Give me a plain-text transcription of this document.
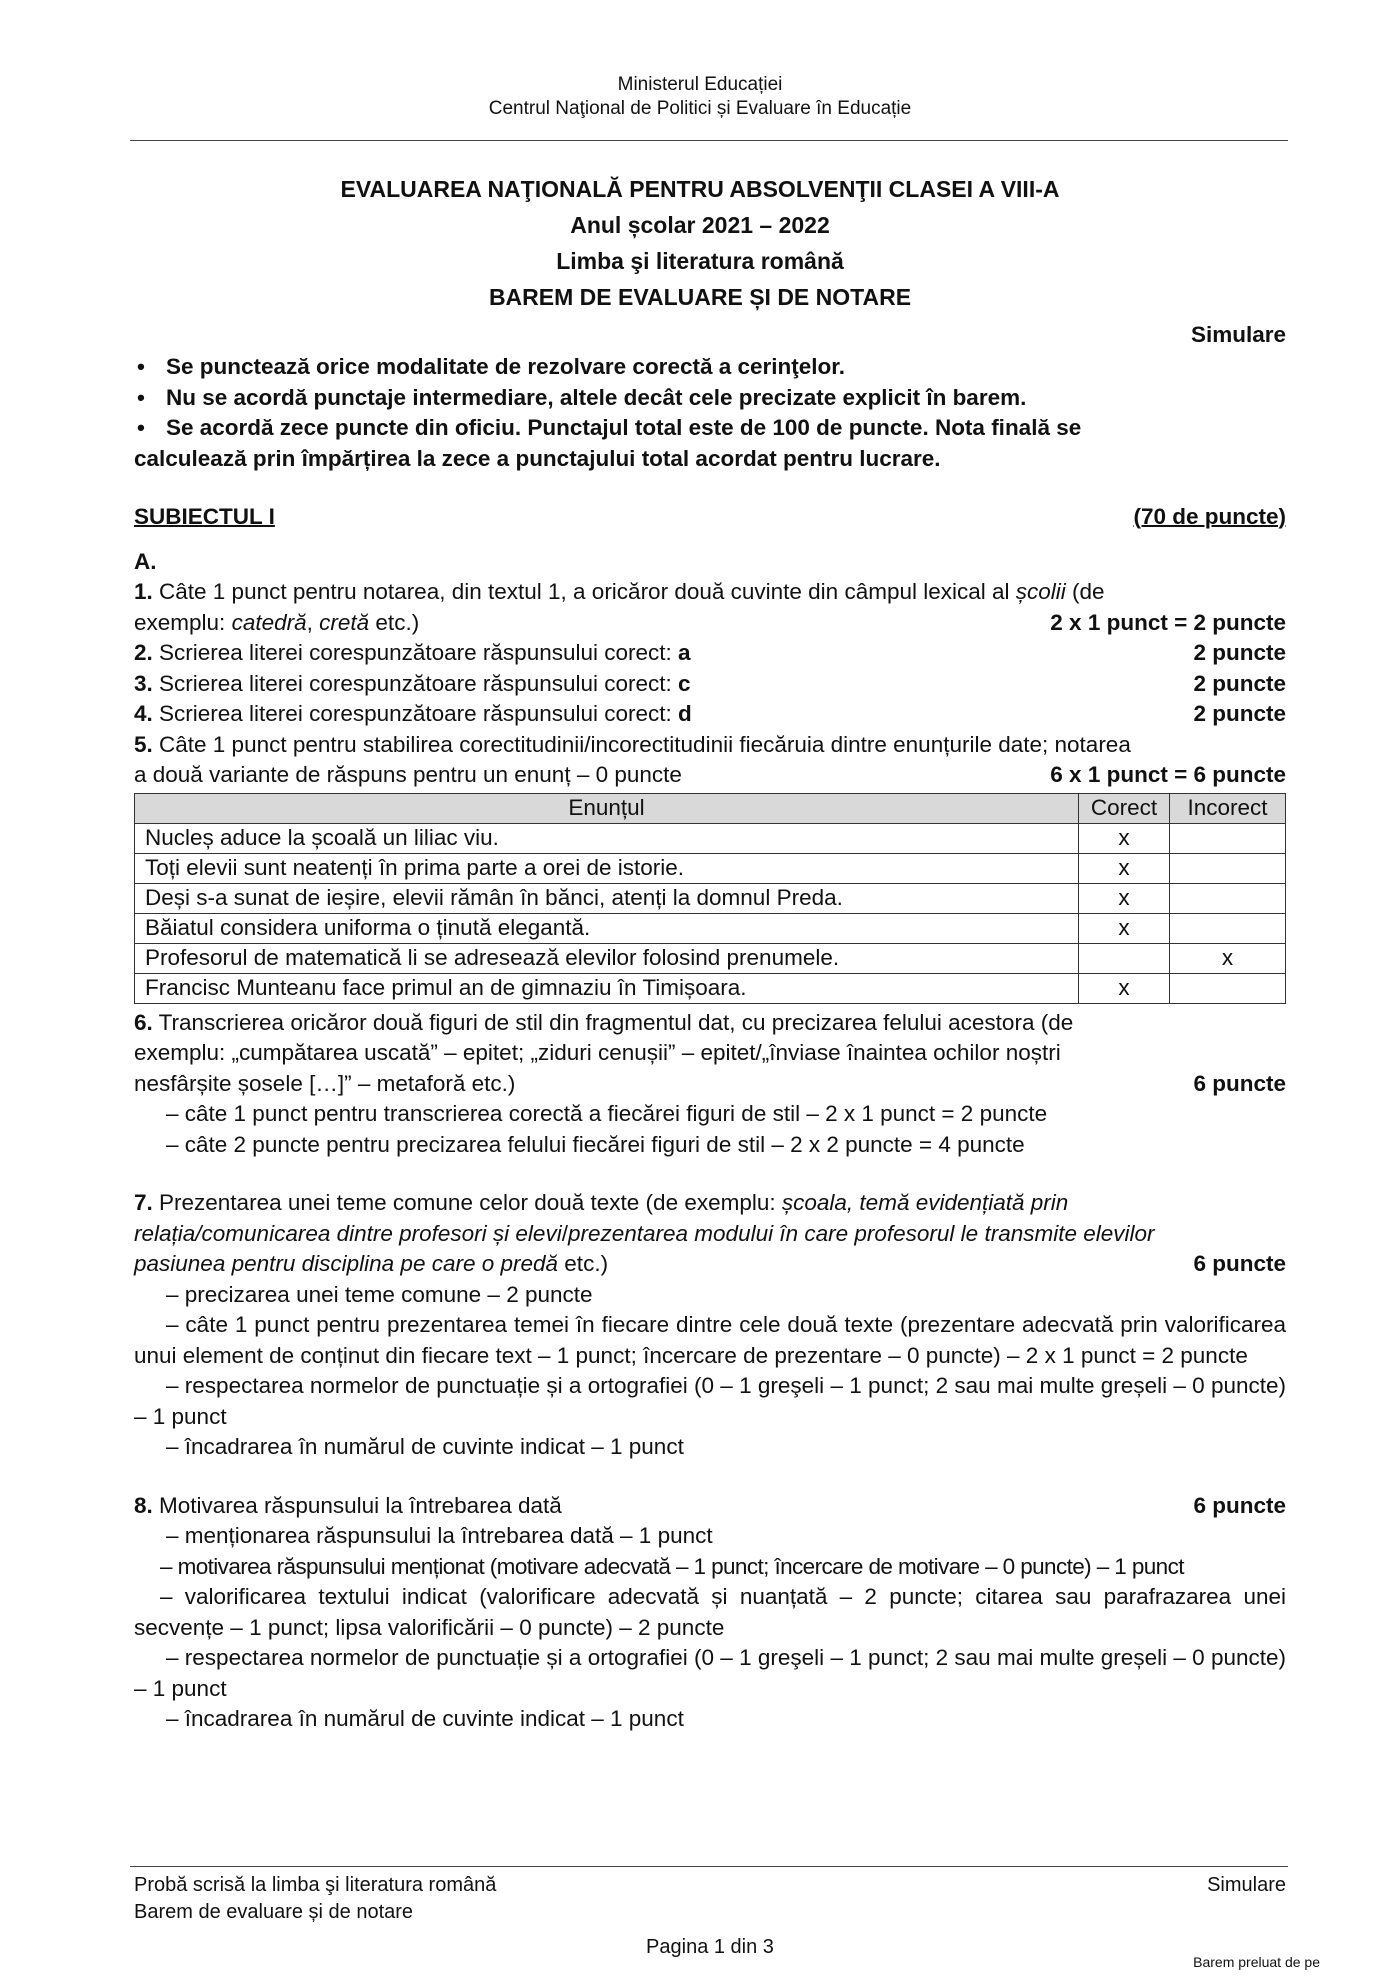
Ministerul Educației
Centrul Naţional de Politici și Evaluare în Educație
EVALUAREA NAŢIONALĂ PENTRU ABSOLVENŢII CLASEI A VIII-A
Anul școlar 2021 – 2022
Limba şi literatura română
BAREM DE EVALUARE ȘI DE NOTARE
Simulare
• Se punctează orice modalitate de rezolvare corectă a cerinţelor.
• Nu se acordă punctaje intermediare, altele decât cele precizate explicit în barem.
• Se acordă zece puncte din oficiu. Punctajul total este de 100 de puncte. Nota finală se
calculează prin împărțirea la zece a punctajului total acordat pentru lucrare.
SUBIECTUL I	(70 de puncte)

A.

1. Câte 1 punct pentru notarea, din textul 1, a oricăror două cuvinte din câmpul lexical al școlii (de

exemplu: catedră, cretă etc.)	2 x 1 punct = 2 puncte
2. Scrierea literei corespunzătoare răspunsului corect: a	2 puncte
3. Scrierea literei corespunzătoare răspunsului corect: c	2 puncte
4. Scrierea literei corespunzătoare răspunsului corect: d	2 puncte

5. Câte 1 punct pentru stabilirea corectitudinii/incorectitudinii fiecăruia dintre enunțurile date; notarea

a două variante de răspuns pentru un enunț – 0 puncte	6 x 1 punct = 6 puncte
Enunțul	Corect	Incorect
Nucleș aduce la școală un liliac viu.	x	
Toți elevii sunt neatenți în prima parte a orei de istorie.	x	
Deși s-a sunat de ieșire, elevii rămân în bănci, atenți la domnul Preda.	x	
Băiatul considera uniforma o ținută elegantă.	x	
Profesorul de matematică li se adresează elevilor folosind prenumele.		x
Francisc Munteanu face primul an de gimnaziu în Timișoara.	x	

6. Transcrierea oricăror două figuri de stil din fragmentul dat, cu precizarea felului acestora (de

exemplu: „cumpătarea uscată” – epitet; „ziduri cenușii” – epitet/„înviase înaintea ochilor noștri

nesfârșite șosele […]” – metaforă etc.)	6 puncte

– câte 1 punct pentru transcrierea corectă a fiecărei figuri de stil – 2 x 1 punct = 2 puncte

– câte 2 puncte pentru precizarea felului fiecărei figuri de stil – 2 x 2 puncte = 4 puncte

7. Prezentarea unei teme comune celor două texte (de exemplu: școala, temă evidențiată prin

relația/comunicarea dintre profesori și elevi/prezentarea modului în care profesorul le transmite elevilor

pasiunea pentru disciplina pe care o predă etc.)	6 puncte

– precizarea unei teme comune – 2 puncte

– câte 1 punct pentru prezentarea temei în fiecare dintre cele două texte (prezentare adecvată prin valorificarea unui element de conținut din fiecare text – 1 punct; încercare de prezentare – 0 puncte) – 2 x 1 punct = 2 puncte

– respectarea normelor de punctuație și a ortografiei (0 – 1 greşeli – 1 punct; 2 sau mai multe greșeli – 0 puncte) – 1 punct

– încadrarea în numărul de cuvinte indicat – 1 punct

8. Motivarea răspunsului la întrebarea dată	6 puncte

– menționarea răspunsului la întrebarea dată – 1 punct

– motivarea răspunsului menționat (motivare adecvată – 1 punct; încercare de motivare – 0 puncte) – 1 punct

– valorificarea textului indicat (valorificare adecvată și nuanțată – 2 puncte; citarea sau parafrazarea unei secvențe – 1 punct; lipsa valorificării – 0 puncte) – 2 puncte

– respectarea normelor de punctuație și a ortografiei (0 – 1 greşeli – 1 punct; 2 sau mai multe greșeli – 0 puncte) – 1 punct

– încadrarea în numărul de cuvinte indicat – 1 punct

Probă scrisă la limba şi literatura română	Simulare
Barem de evaluare și de notare
Pagina 1 din 3
Barem preluat de pe
